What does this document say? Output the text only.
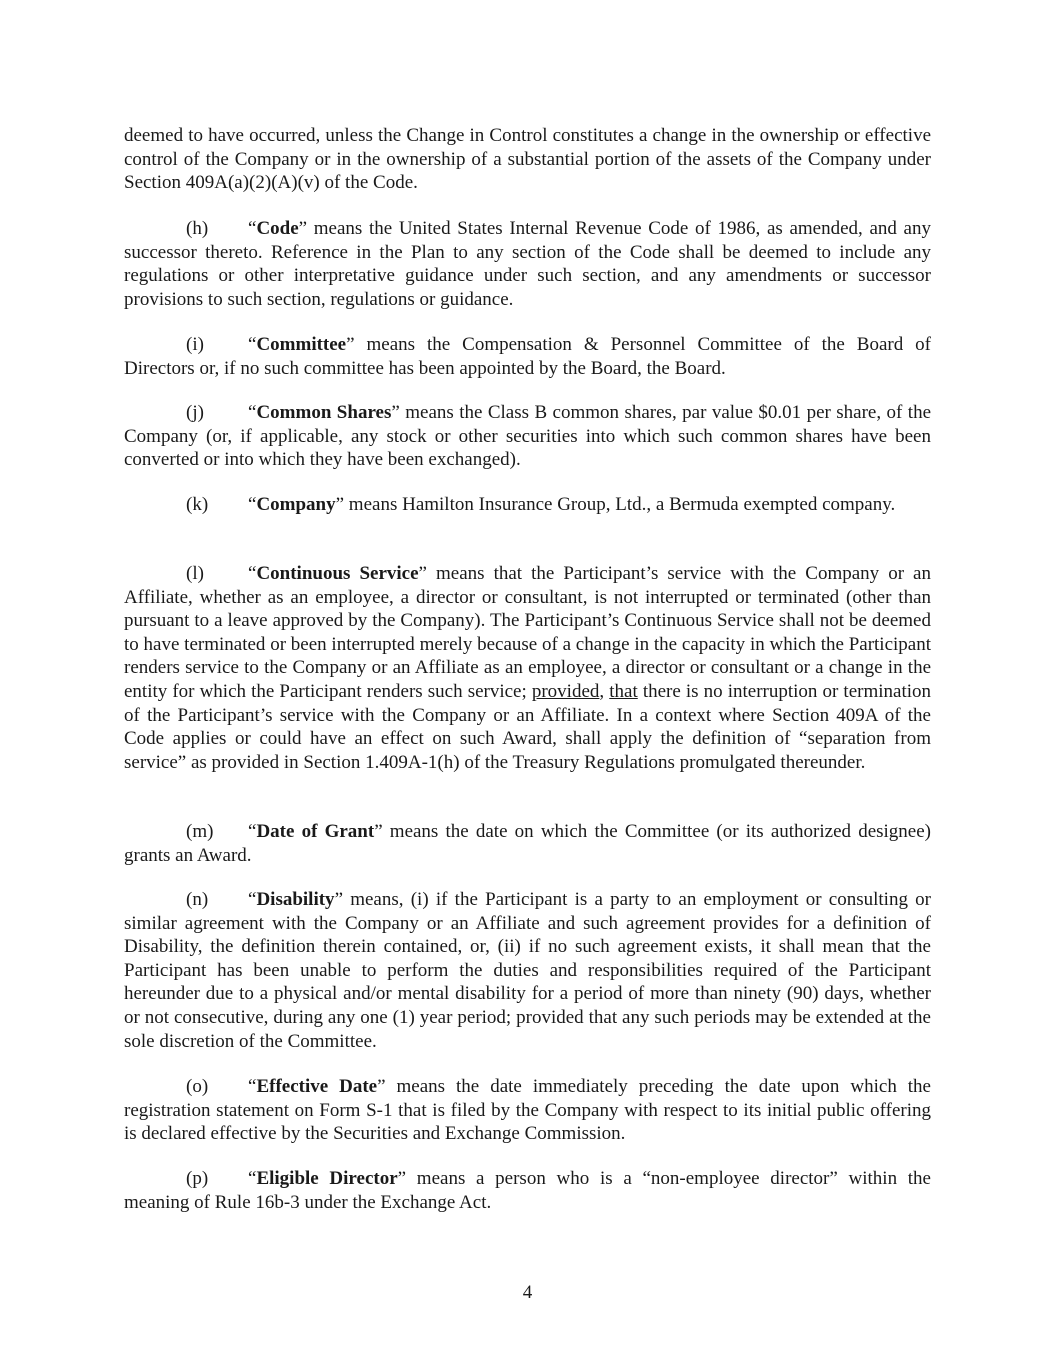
deemed to have occurred, unless the Change in Control constitutes a change in the ownership or effective control of the Company or in the ownership of a substantial portion of the assets of the Company under Section 409A(a)(2)(A)(v) of the Code.

(h) “Code” means the United States Internal Revenue Code of 1986, as amended, and any successor thereto. Reference in the Plan to any section of the Code shall be deemed to include any regulations or other interpretative guidance under such section, and any amendments or successor provisions to such section, regulations or guidance.

(i) “Committee” means the Compensation & Personnel Committee of the Board of Directors or, if no such committee has been appointed by the Board, the Board.

(j) “Common Shares” means the Class B common shares, par value $0.01 per share, of the Company (or, if applicable, any stock or other securities into which such common shares have been converted or into which they have been exchanged).

(k) “Company” means Hamilton Insurance Group, Ltd., a Bermuda exempted company.

(l) “Continuous Service” means that the Participant’s service with the Company or an Affiliate, whether as an employee, a director or consultant, is not interrupted or terminated (other than pursuant to a leave approved by the Company). The Participant’s Continuous Service shall not be deemed to have terminated or been interrupted merely because of a change in the capacity in which the Participant renders service to the Company or an Affiliate as an employee, a director or consultant or a change in the entity for which the Participant renders such service; provided, that there is no interruption or termination of the Participant’s service with the Company or an Affiliate. In a context where Section 409A of the Code applies or could have an effect on such Award, shall apply the definition of “separation from service” as provided in Section 1.409A-1(h) of the Treasury Regulations promulgated thereunder.

(m) “Date of Grant” means the date on which the Committee (or its authorized designee) grants an Award.

(n) “Disability” means, (i) if the Participant is a party to an employment or consulting or similar agreement with the Company or an Affiliate and such agreement provides for a definition of Disability, the definition therein contained, or, (ii) if no such agreement exists, it shall mean that the Participant has been unable to perform the duties and responsibilities required of the Participant hereunder due to a physical and/or mental disability for a period of more than ninety (90) days, whether or not consecutive, during any one (1) year period; provided that any such periods may be extended at the sole discretion of the Committee.

(o) “Effective Date” means the date immediately preceding the date upon which the registration statement on Form S-1 that is filed by the Company with respect to its initial public offering is declared effective by the Securities and Exchange Commission.

(p) “Eligible Director” means a person who is a “non-employee director” within the meaning of Rule 16b-3 under the Exchange Act.

4
